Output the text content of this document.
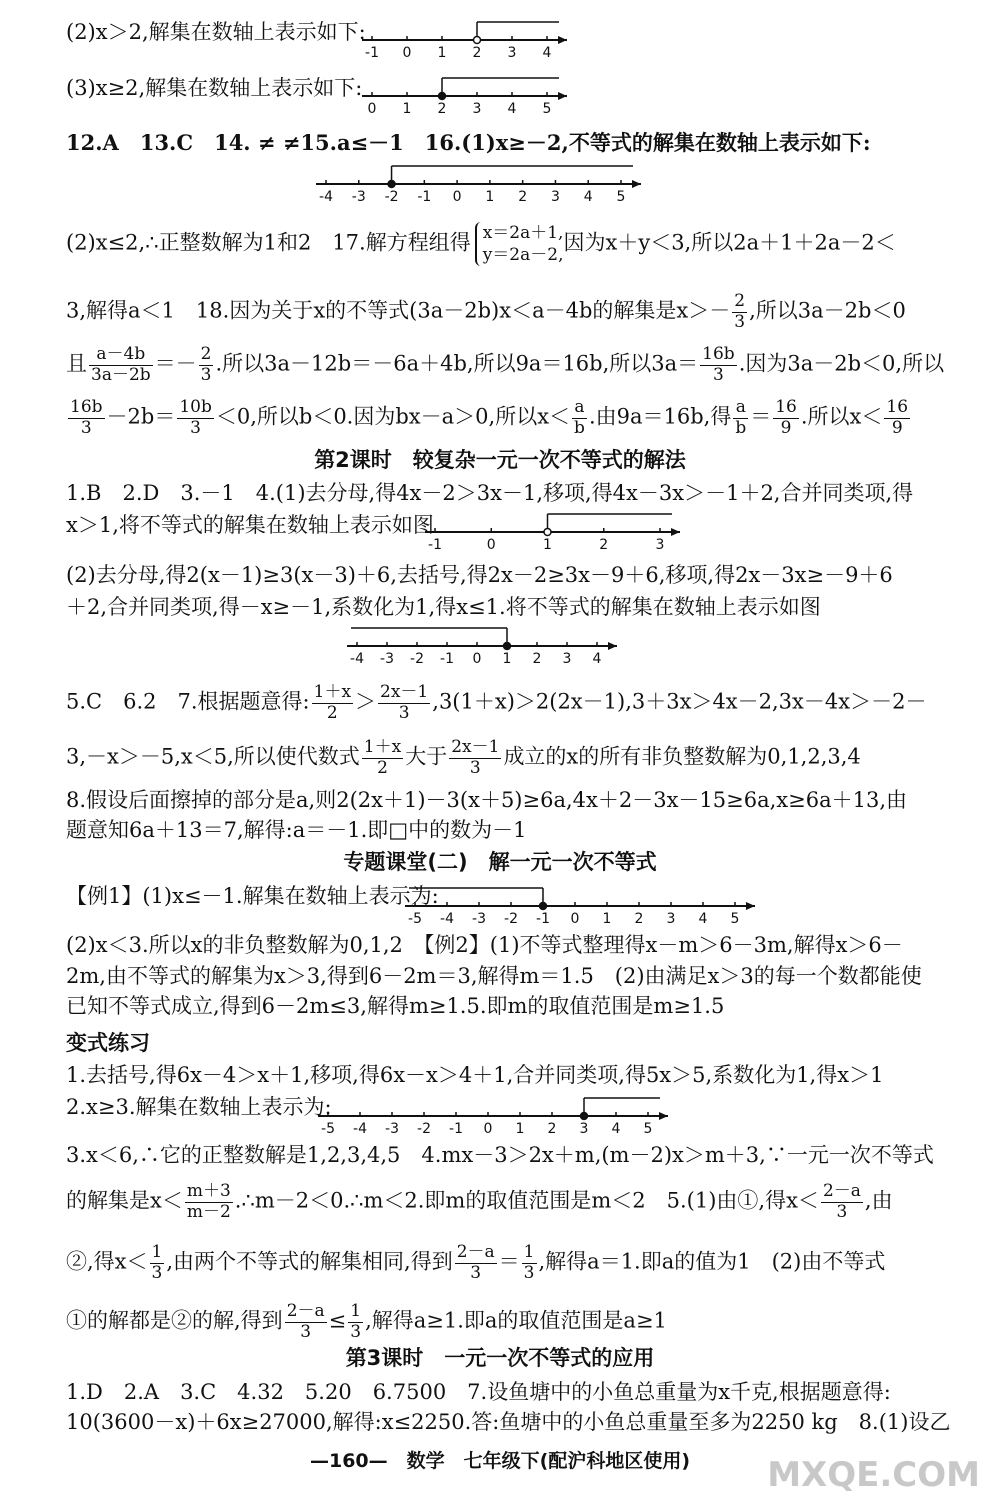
(2)x＞2,解集在数轴上表示如下:
-1 0 1 2 3 4
(3)x≥2,解集在数轴上表示如下:
0 1 2 3 4 5
12.A　13.C　14. ≠ ≠15.a≤－1　16.(1)x≥－2,不等式的解集在数轴上表示如下:
-4 -3 -2 -1 0 1 2 3 4 5
(2)x≤2,∴正整数解为1和2　17.解方程组得 x＝2a＋1,
y＝2a－2,
因为x＋y＜3,所以2a＋1＋2a－2＜
3,解得a＜1　18.因为关于x的不等式(3a－2b)x＜a－4b的解集是$x>- \frac{2}{3}$ ,所以3a－2b＜0
且 $\frac{a-4b}{3a-2b} =- \frac{2}{3}$ .所以3a－12b＝－6a＋4b,所以9a＝16b,所以$3a= \frac{16b}{3}$ .因为3a－2b＜0,所以
$\frac{16b}{3} -2b= \frac{10b}{3} <0$,所以b＜0.因为bx－a＞0,所以$x< \frac{a}{b}$ .由9a＝16b,得 $\frac{a}{b} = \frac{16}{9}$ .所以$x< \frac{16}{9}$
第2课时　较复杂一元一次不等式的解法
1.B　2.D　3.－1　4.(1)去分母,得4x－2＞3x－1,移项,得4x－3x＞－1＋2,合并同类项,得
x＞1,将不等式的解集在数轴上表示如图
-1	0	1	2	3
(2)去分母,得2(x－1)≥3(x－3)＋6,去括号,得2x－2≥3x－9＋6,移项,得2x－3x≥－9＋6
＋2,合并同类项,得－x≥－1,系数化为1,得x≤1.将不等式的解集在数轴上表示如图
-4 -3 -2 -1 0 1 2 3 4
5.C　6.2　7.根据题意得: $\frac{1+x}{2} > \frac{2x-1}{3} ,3(1+x)>2(2x-1),3+3x>4x-2,3x-4x>-2-$
3,－x＞－5,x＜5,所以使代数式 $\frac{1+x}{2}$ 大于 $\frac{2x-1}{3}$ 成立的x的所有非负整数解为0,1,2,3,4
8.假设后面擦掉的部分是a,则2(2x＋1)－3(x＋5)≥6a,4x＋2－3x－15≥6a,x≥6a＋13,由
题意知6a＋13＝7,解得:a＝－1.即□中的数为－1
专题课堂(二)　解一元一次不等式
【例1】(1)x≤－1.解集在数轴上表示为:
-5 -4 -3 -2 -1 0 1 2 3 4 5
(2)x＜3.所以x的非负整数解为0,1,2　【例2】(1)不等式整理得x－m＞6－3m,解得x＞6－
2m,由不等式的解集为x＞3,得到6－2m＝3,解得m＝1.5　(2)由满足x＞3的每一个数都能使
已知不等式成立,得到6－2m≤3,解得m≥1.5.即m的取值范围是m≥1.5
变式练习
1.去括号,得6x－4＞x＋1,移项,得6x－x＞4＋1,合并同类项,得5x＞5,系数化为1,得x＞1
2.x≥3.解集在数轴上表示为:
-5 -4 -3 -2 -1 0 1 2 3 4 5
3.x＜6,∴它的正整数解是1,2,3,4,5　4.mx－3＞2x＋m,(m－2)x＞m＋3,∵一元一次不等式
的解集是$x< \frac{m+3}{m-2}$ .∴m－2＜0.∴m＜2.即m的取值范围是m＜2　5.(1)由①,得$x< \frac{2-a}{3}$ ,由
②,得$x< \frac{1}{3}$ ,由两个不等式的解集相同,得到 $\frac{2-a}{3} = \frac{1}{3}$ ,解得a＝1.即a的值为1　(2)由不等式
①的解都是②的解,得到 $\frac{2-a}{3} \le \frac{1}{3}$ ,解得a≥1.即a的取值范围是a≥1
第3课时　一元一次不等式的应用
1.D　2.A　3.C　4.32　5.20　6.7500　7.设鱼塘中的小鱼总重量为x千克,根据题意得:
10(3600－x)＋6x≥27000,解得:x≤2250.答:鱼塘中的小鱼总重量至多为2250 kg　8.(1)设乙
—160—　数学　七年级下(配沪科地区使用)	MXQE.COM
